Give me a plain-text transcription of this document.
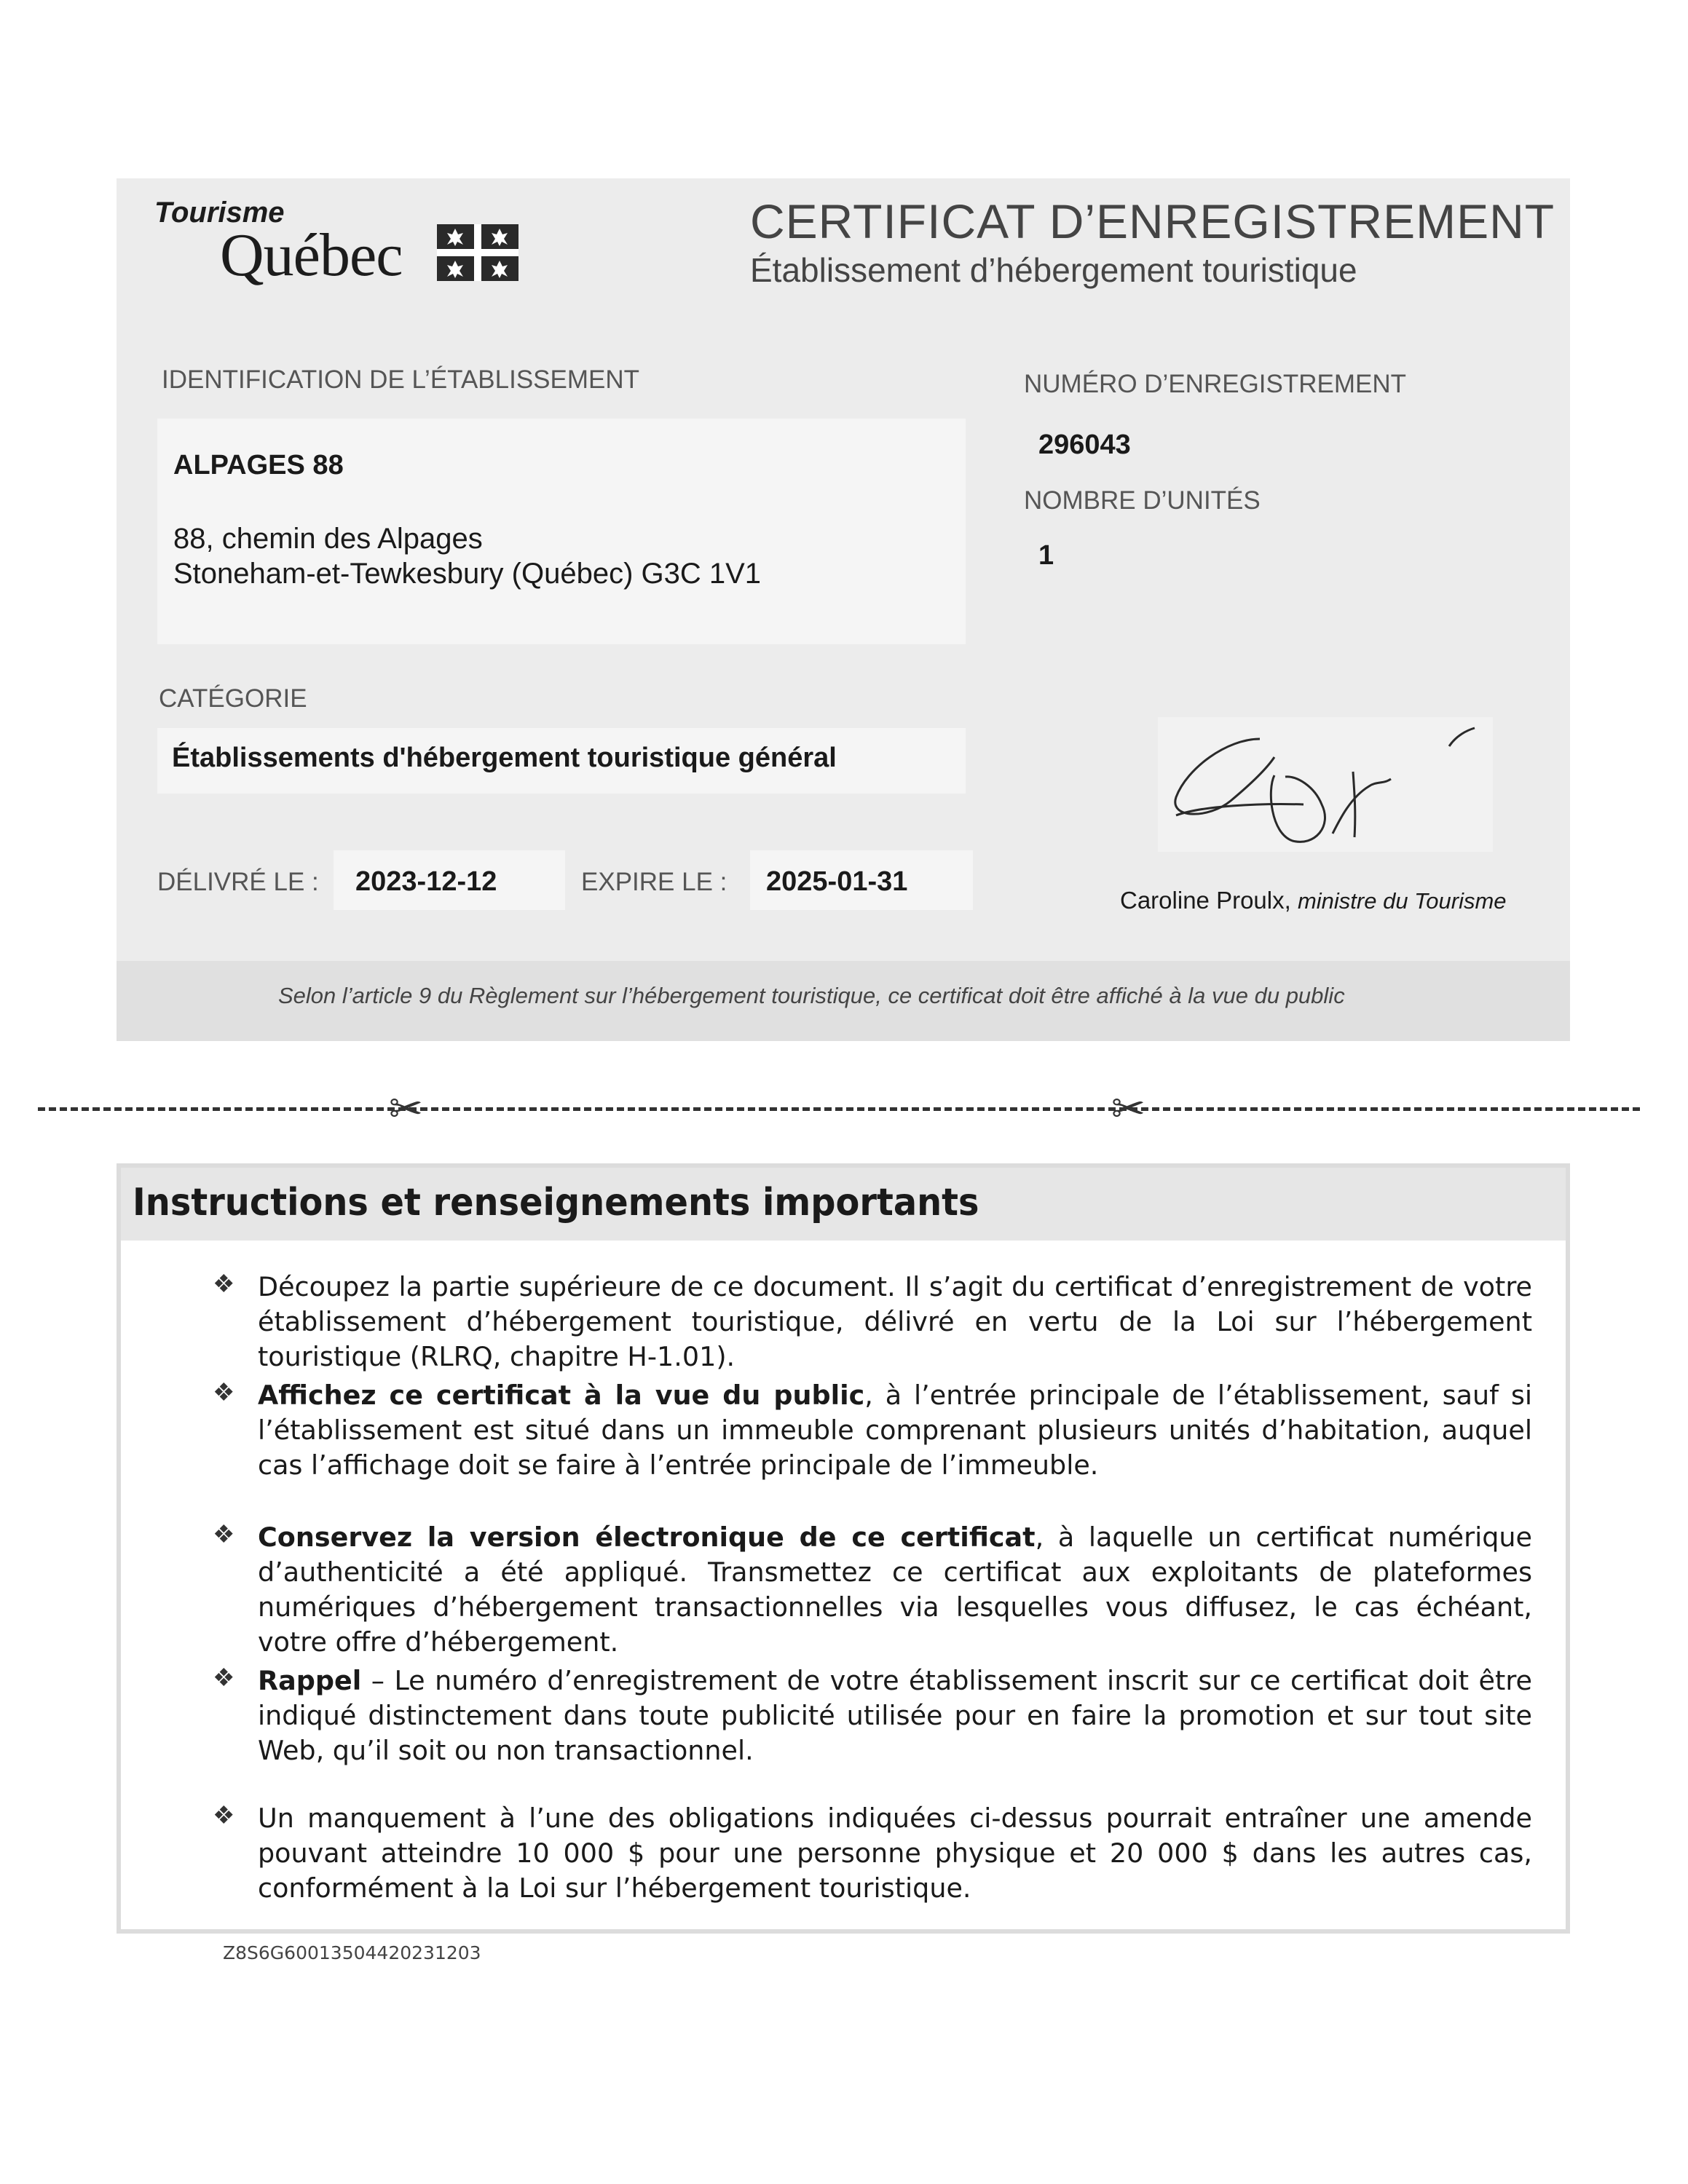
Tourisme
Québec	CERTIFICAT D’ENREGISTREMENT
Établissement d’hébergement touristique
IDENTIFICATION DE L’ÉTABLISSEMENT
ALPAGES 88
88, chemin des Alpages
Stoneham-et-Tewkesbury (Québec) G3C 1V1
NUMÉRO D’ENREGISTREMENT
296043
NOMBRE D’UNITÉS
1
CATÉGORIE
Établissements d'hébergement touristique général
DÉLIVRÉ LE : 2023-12-12	EXPIRE LE : 2025-01-31
Caroline Proulx, ministre du Tourisme
Selon l’article 9 du Règlement sur l’hébergement touristique, ce certificat doit être affiché à la vue du public
✂	✂
Instructions et renseignements importants
❖ Découpez la partie supérieure de ce document. Il s’agit du certificat d’enregistrement de votre établissement d’hébergement touristique, délivré en vertu de la Loi sur l’hébergement touristique (RLRQ, chapitre H-1.01).
❖ Affichez ce certificat à la vue du public, à l’entrée principale de l’établissement, sauf si l’établissement est situé dans un immeuble comprenant plusieurs unités d’habitation, auquel cas l’affichage doit se faire à l’entrée principale de l’immeuble.
❖ Conservez la version électronique de ce certificat, à laquelle un certificat numérique d’authenticité a été appliqué. Transmettez ce certificat aux exploitants de plateformes numériques d’hébergement transactionnelles via lesquelles vous diffusez, le cas échéant, votre offre d’hébergement.
❖ Rappel – Le numéro d’enregistrement de votre établissement inscrit sur ce certificat doit être indiqué distinctement dans toute publicité utilisée pour en faire la promotion et sur tout site Web, qu’il soit ou non transactionnel.
❖ Un manquement à l’une des obligations indiquées ci-dessus pourrait entraîner une amende pouvant atteindre 10 000 $ pour une personne physique et 20 000 $ dans les autres cas, conformément à la Loi sur l’hébergement touristique.
Z8S6G60013504420231203
